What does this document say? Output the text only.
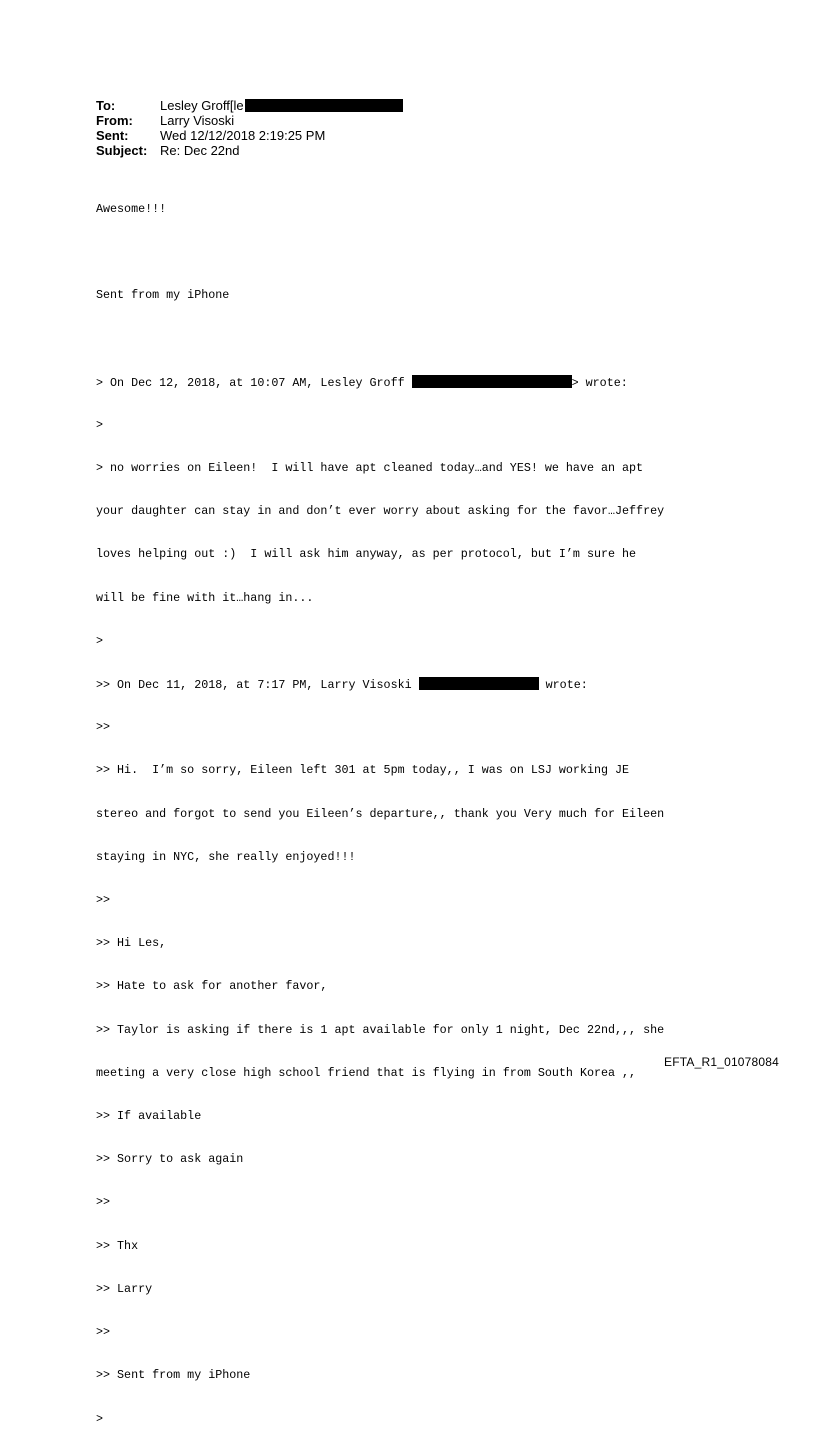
To:	Lesley Groff[le
From:	Larry Visoski
Sent:	Wed 12/12/2018 2:19:25 PM
Subject: Re: Dec 22nd

Awesome!!!

Sent from my iPhone

> On Dec 12, 2018, at 10:07 AM, Lesley Groff	> wrote:

>

> no worries on Eileen!  I will have apt cleaned today…and YES! we have an apt

your daughter can stay in and don’t ever worry about asking for the favor…Jeffrey

loves helping out :)  I will ask him anyway, as per protocol, but I’m sure he

will be fine with it…hang in...

>

>> On Dec 11, 2018, at 7:17 PM, Larry Visoski	wrote:

>>

>> Hi.  I’m so sorry, Eileen left 301 at 5pm today,, I was on LSJ working JE

stereo and forgot to send you Eileen’s departure,, thank you Very much for Eileen

staying in NYC, she really enjoyed!!!

>>

>> Hi Les,

>> Hate to ask for another favor,

>> Taylor is asking if there is 1 apt available for only 1 night, Dec 22nd,,, she

meeting a very close high school friend that is flying in from South Korea ,,

>> If available

>> Sorry to ask again

>>

>> Thx

>> Larry

>>

>> Sent from my iPhone

>

EFTA_R1_01078084
